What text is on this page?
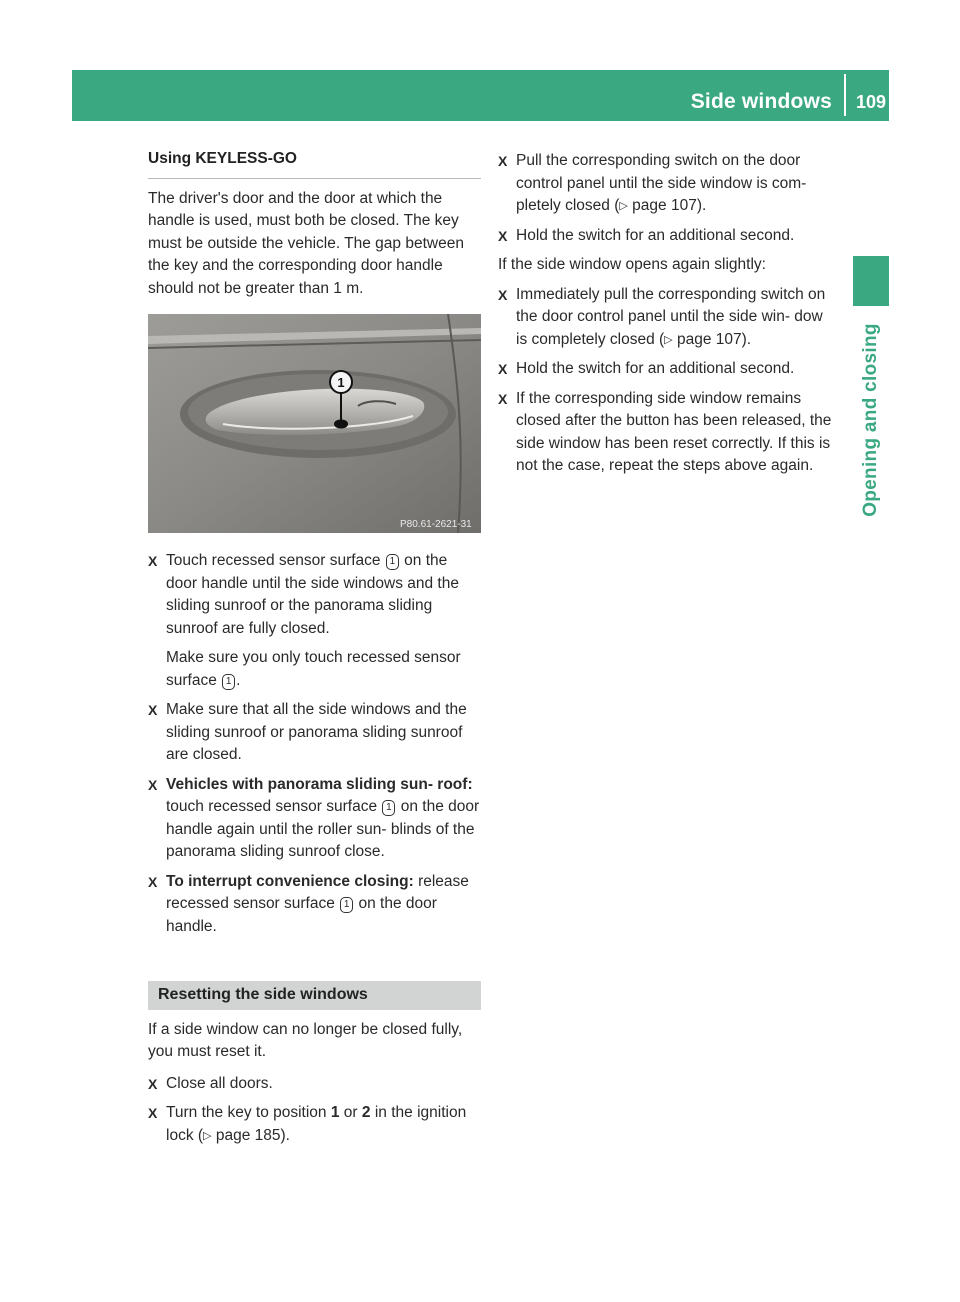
Side windows 109
Opening and closing
Using KEYLESS-GO

The driver's door and the door at which the handle is used, must both be closed. The key must be outside the vehicle. The gap between the key and the corresponding door handle should not be greater than 1 m.

1
P80.61-2621-31
X Touch recessed sensor surface 1 on the door handle until the side windows and the sliding sunroof or the panorama sliding sunroof are fully closed.
Make sure you only touch recessed sensor surface 1 .
X Make sure that all the side windows and the sliding sunroof or panorama sliding sunroof are closed.
X Vehicles with panorama sliding sun- roof: touch recessed sensor surface 1 on the door handle again until the roller sun- blinds of the panorama sliding sunroof close.
X To interrupt convenience closing: release recessed sensor surface 1 on the door handle.
Resetting the side windows

If a side window can no longer be closed fully, you must reset it.

X Close all doors.
X Turn the key to position 1 or 2 in the ignition lock (▷ page 185).
X Pull the corresponding switch on the door control panel until the side window is com- pletely closed (▷ page 107).
X Hold the switch for an additional second.

If the side window opens again slightly:

X Immediately pull the corresponding switch on the door control panel until the side win- dow is completely closed (▷ page 107).
X Hold the switch for an additional second.
X If the corresponding side window remains closed after the button has been released, the side window has been reset correctly. If this is not the case, repeat the steps above again.
